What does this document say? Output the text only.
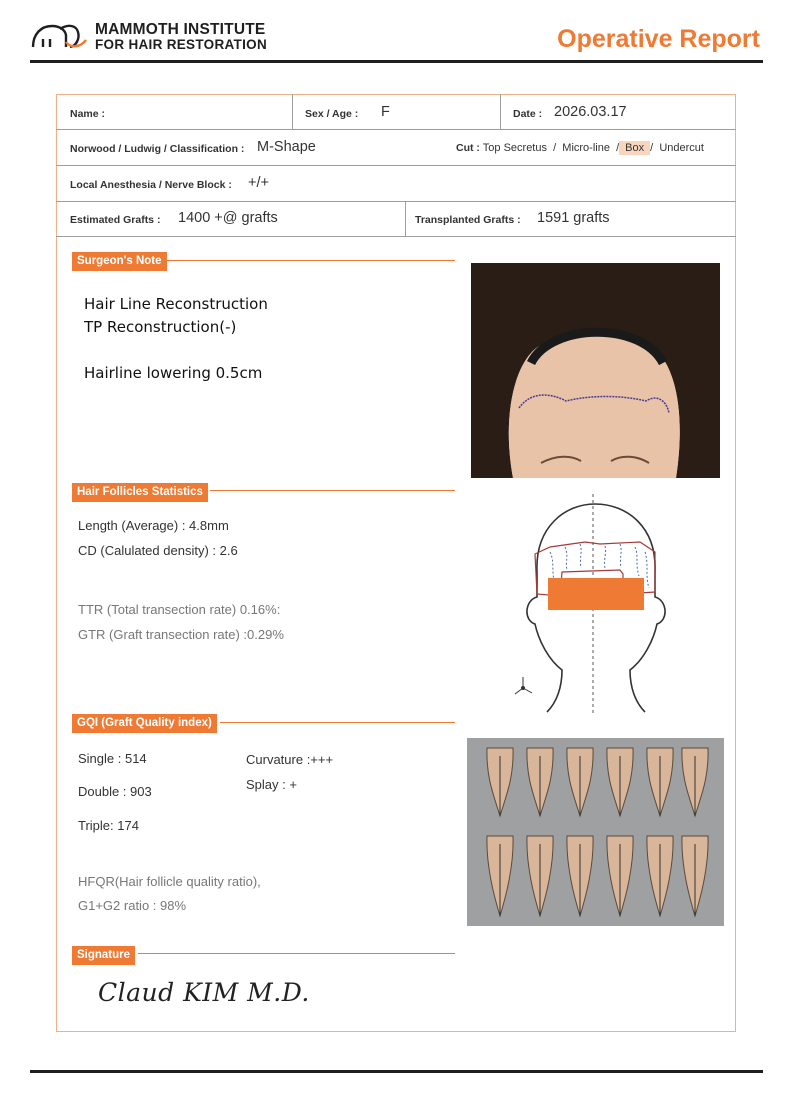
MAMMOTH INSTITUTE
FOR HAIR RESTORATION	Operative Report
Name :	Sex / Age : F	Date : 2026.03.17
Norwood / Ludwig / Classification : M-Shape	Cut : Top Secretus  /  Micro-line  / Box /  Undercut
Local Anesthesia / Nerve Block : +/+
Estimated Grafts : 1400 +@ grafts	Transplanted Grafts : 1591 grafts
Surgeon's Note
Hair Line Reconstruction
TP Reconstruction(-)
Hairline lowering 0.5cm
Hair Follicles Statistics
Length (Average) : 4.8mm
CD (Calulated density) : 2.6
TTR (Total transection rate) 0.16%:
GTR (Graft transection rate) :0.29%
GQI (Graft Quality index)
Single : 514
Double : 903
Triple: 174
Curvature :+++
Splay : +
HFQR(Hair follicle quality ratio),
G1+G2 ratio : 98%
Signature
Claud KIM M.D.
